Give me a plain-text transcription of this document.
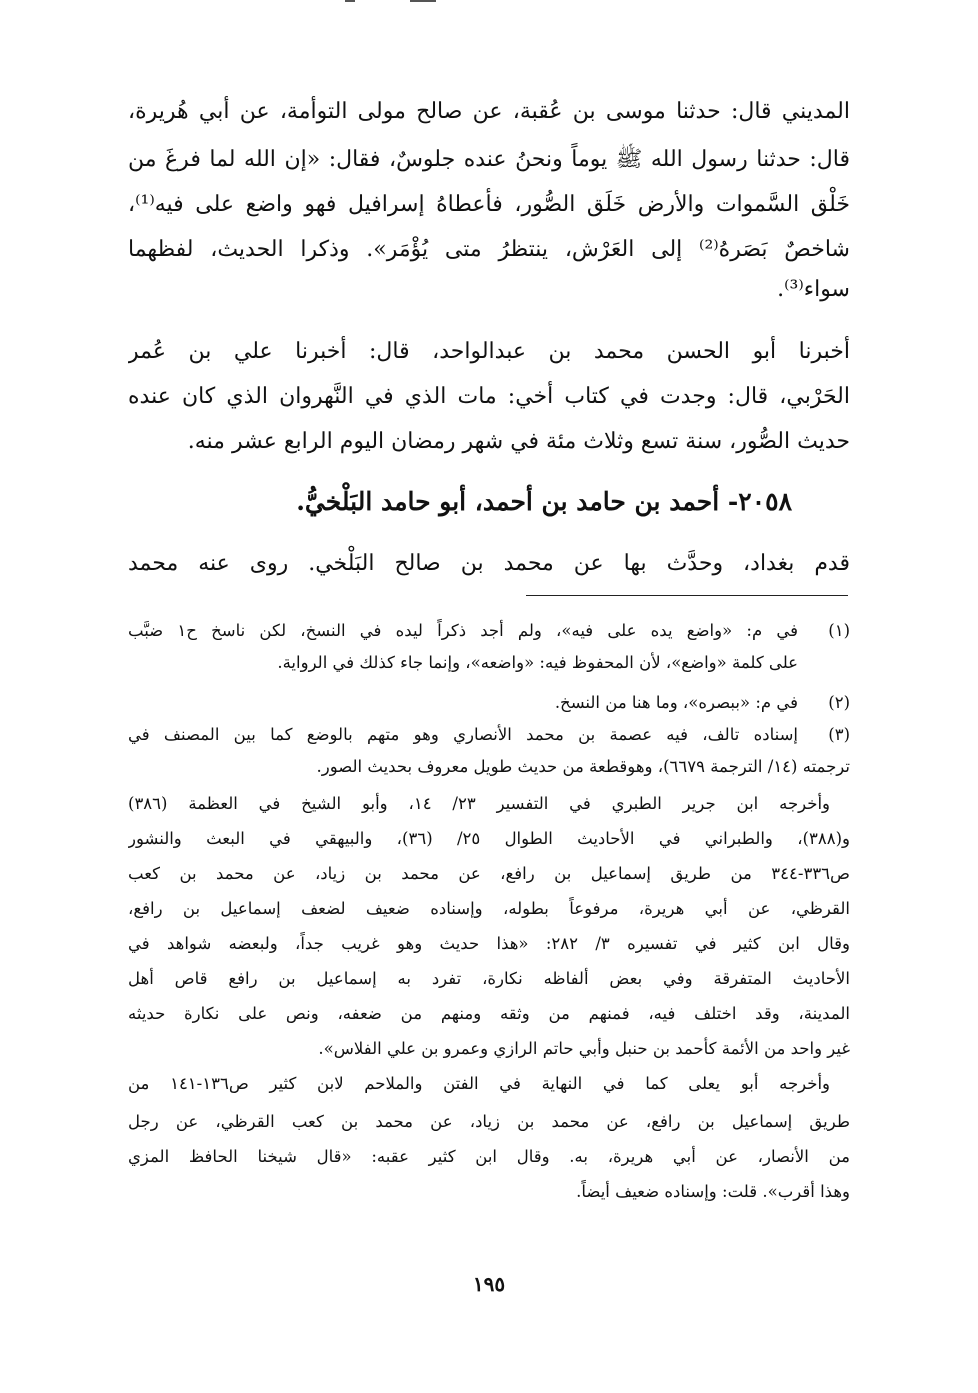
المديني قال: حدثنا موسى بن عُقبة، عن صالح مولى التوأمة، عن أبي هُريرة،
قال: حدثنا رسول الله ﷺ يوماً ونحنُ عنده جلوسٌ، فقال: «إن الله لما فرغَ من
خَلْق السَّموات والأرض خَلَق الصُّور، فأعطاهُ إسرافيل فهو واضع على فيه⁽¹⁾،
شاخصٌ بَصَرهُ⁽²⁾ إلى العَرْش، ينتظرُ متى يُؤْمَر». وذكرا الحديث، لفظهما
سواء⁽³⁾.
أخبرنا أبو الحسن محمد بن عبدالواحد، قال: أخبرنا علي بن عُمر
الحَرْبي، قال: وجدت في كتاب أخي: مات الذي في النَّهروان الذي كان عنده
حديث الصُّور، سنة تسع وثلاث مئة في شهر رمضان اليوم الرابع عشر منه.
قدم بغداد، وحدَّث بها عن محمد بن صالح البَلْخي. روى عنه محمد
٢٠٥٨- أحمد بن حامد بن أحمد، أبو حامد البَلْخيُّ.
(١)
في م: «واضع يده على فيه»، ولم أجد ذكراً ليده في النسخ، لكن ناسخ ح١ ضبَّب
على كلمة «واضع»، لأن المحفوظ فيه: «واضعه»، وإنما جاء كذلك في الرواية.
(٢)
في م: «ببصره»، وما هنا من النسخ.
(٣)
إسناده تالف، فيه عصمة بن محمد الأنصاري وهو متهم بالوضع كما بين المصنف في
ترجمته (١٤/ الترجمة ٦٦٧٩)، وهوقطعة من حديث طويل معروف بحديث الصور.
وأخرجه ابن جرير الطبري في التفسير ٢٣/ ١٤، وأبو الشيخ في العظمة (٣٨٦)
و(٣٨٨)، والطبراني في الأحاديث الطوال ٢٥/ (٣٦)، والبيهقي في البعث والنشور
ص٣٣٦-٣٤٤ من طريق إسماعيل بن رافع، عن محمد بن زياد، عن محمد بن كعب
القرظي، عن أبي هريرة، مرفوعاً بطوله، وإسناده ضعيف لضعف إسماعيل بن رافع،
وقال ابن كثير في تفسيره ٣/ ٢٨٢: «هذا حديث وهو غريب جداً، ولبعضه شواهد في
الأحاديث المتفرقة وفي بعض ألفاظه نكارة، تفرد به إسماعيل بن رافع قاص أهل
المدينة، وقد اختلف فيه، فمنهم من وثقه ومنهم من ضعفه، ونص على نكارة حديثه
غير واحد من الأئمة كأحمد بن حنبل وأبي حاتم الرازي وعمرو بن علي الفلاس».
وأخرجه أبو يعلى كما في النهاية في الفتن والملاحم لابن كثير ص١٣٦-١٤١ من
طريق إسماعيل بن رافع، عن محمد بن زياد، عن محمد بن كعب القرظي، عن رجل
من الأنصار، عن أبي هريرة، به. وقال ابن كثير عقبه: «قال شيخنا الحافظ المزي
وهذا أقرب». قلت: وإسناده ضعيف أيضاً.
١٩٥
